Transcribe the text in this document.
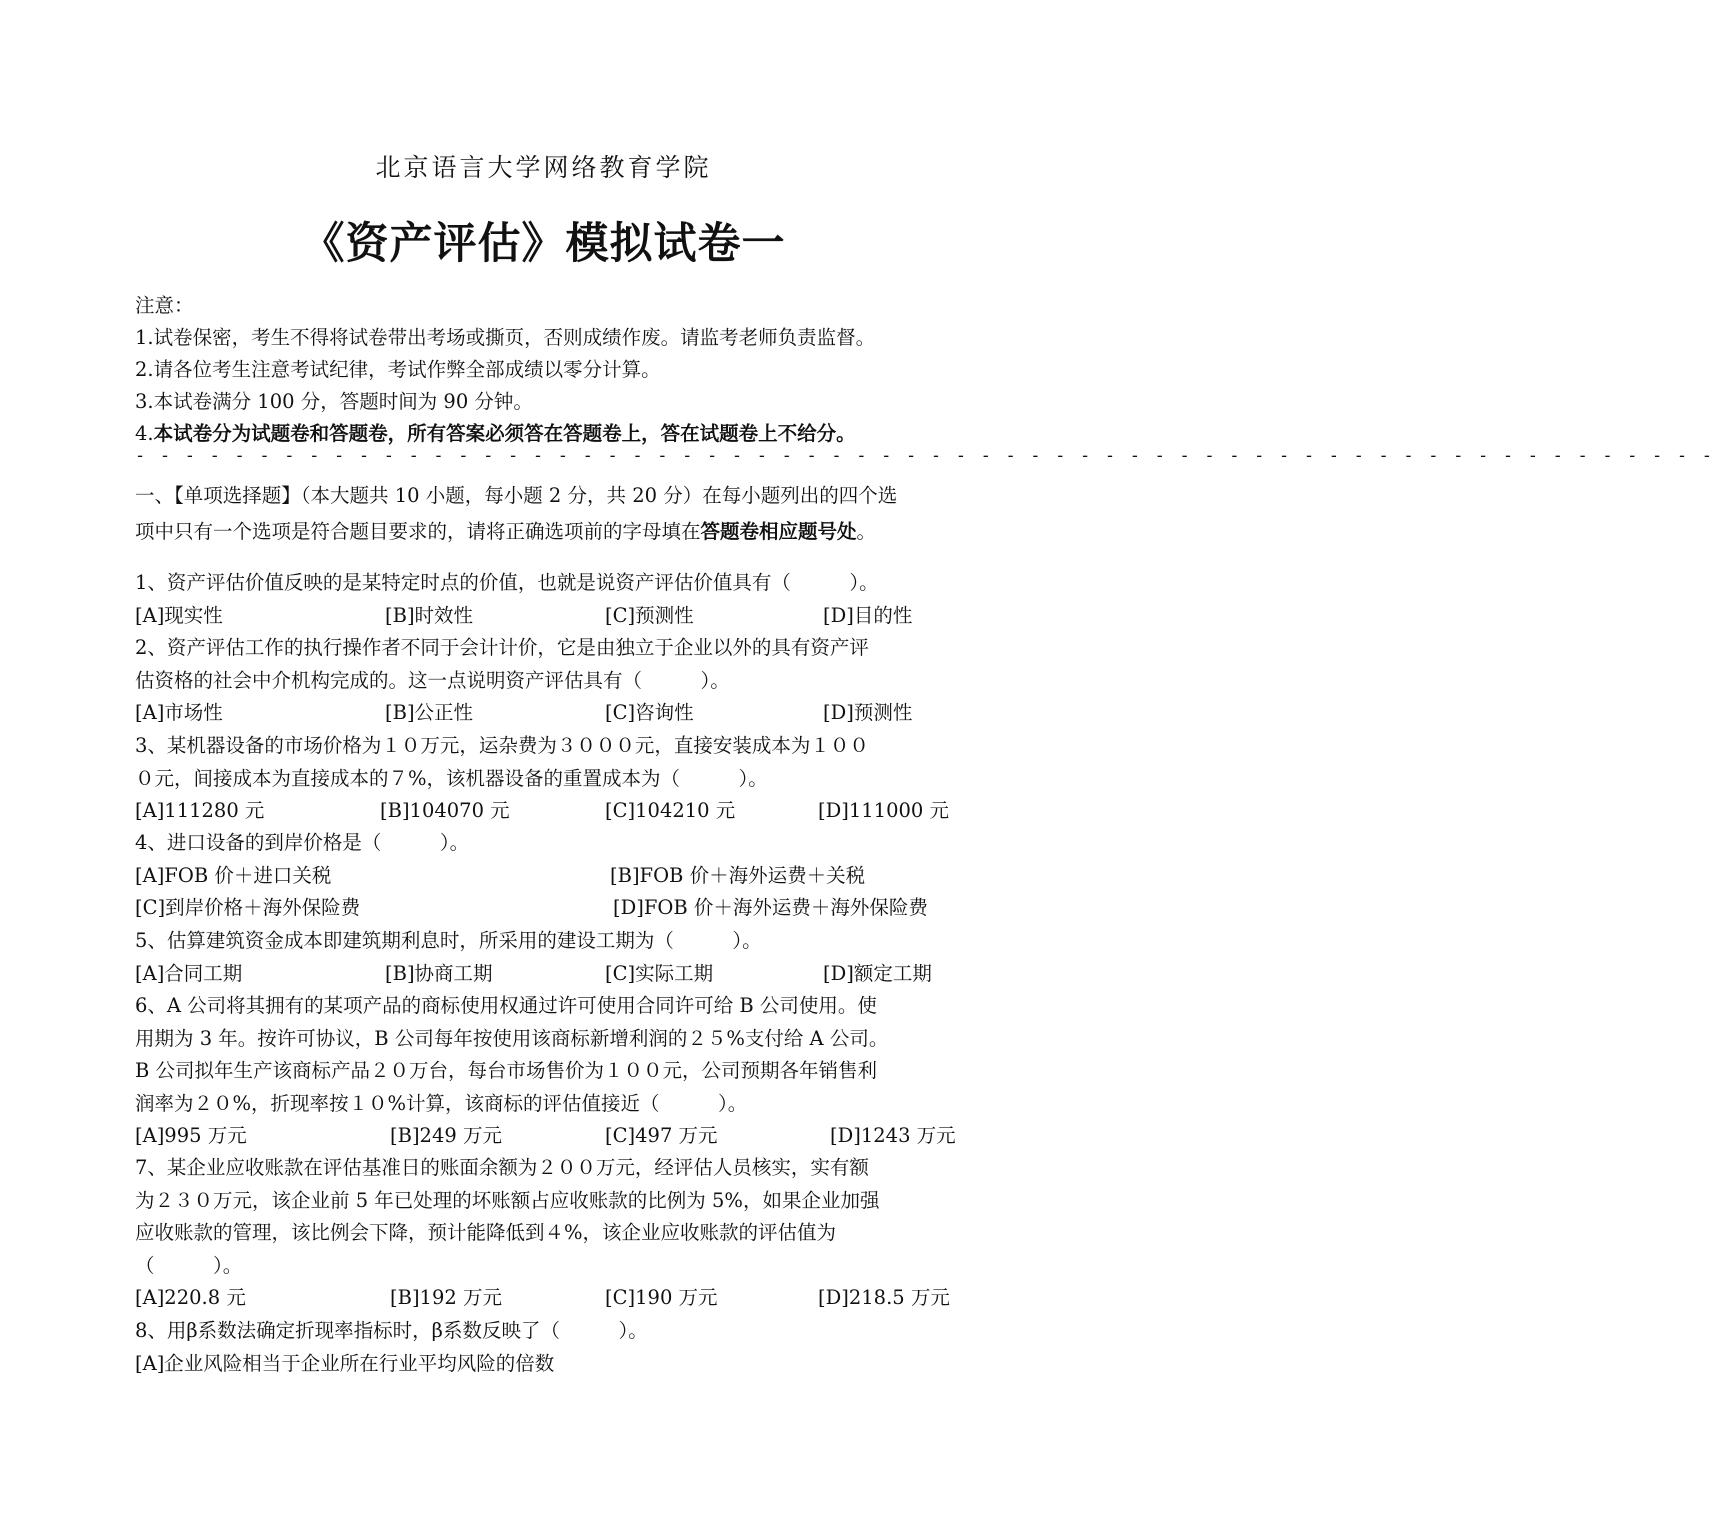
北京语言大学网络教育学院
《资产评估》模拟试卷一
注意：
1.试卷保密，考生不得将试卷带出考场或撕页，否则成绩作废。请监考老师负责监督。
2.请各位考生注意考试纪律，考试作弊全部成绩以零分计算。
3.本试卷满分 100 分，答题时间为 90 分钟。
4.本试卷分为试题卷和答题卷，所有答案必须答在答题卷上，答在试题卷上不给分。
- - - - - - - - - - - - - - - - - - - - - - - - - - - - - - - - - - - - - - - - - - - - - - - - - - - - - - - - - - - - - - - -
一、【单项选择题】（本大题共 10 小题，每小题 2 分，共 20 分）在每小题列出的四个选
项中只有一个选项是符合题目要求的，请将正确选项前的字母填在答题卷相应题号处。
1、资产评估价值反映的是某特定时点的价值，也就是说资产评估价值具有（　　　）。
[A]现实性	[B]时效性	[C]预测性	[D]目的性
2、资产评估工作的执行操作者不同于会计计价，它是由独立于企业以外的具有资产评
估资格的社会中介机构完成的。这一点说明资产评估具有（　　　）。
[A]市场性	[B]公正性	[C]咨询性	[D]预测性
3、某机器设备的市场价格为１０万元，运杂费为３０００元，直接安装成本为１００
０元，间接成本为直接成本的７%，该机器设备的重置成本为（　　　）。
[A]111280 元	[B]104070 元	[C]104210 元	[D]111000 元
4、进口设备的到岸价格是（　　　）。
[A]FOB 价＋进口关税	[B]FOB 价＋海外运费＋关税
[C]到岸价格＋海外保险费	[D]FOB 价＋海外运费＋海外保险费
5、估算建筑资金成本即建筑期利息时，所采用的建设工期为（　　　）。
[A]合同工期	[B]协商工期	[C]实际工期	[D]额定工期
6、A 公司将其拥有的某项产品的商标使用权通过许可使用合同许可给 B 公司使用。使
用期为 3 年。按许可协议，B 公司每年按使用该商标新增利润的２５%支付给 A 公司。
B 公司拟年生产该商标产品２０万台，每台市场售价为１００元，公司预期各年销售利
润率为２０%，折现率按１０%计算，该商标的评估值接近（　　　）。
[A]995 万元	[B]249 万元	[C]497 万元	[D]1243 万元
7、某企业应收账款在评估基准日的账面余额为２００万元，经评估人员核实，实有额
为２３０万元，该企业前 5 年已处理的坏账额占应收账款的比例为 5%，如果企业加强
应收账款的管理，该比例会下降，预计能降低到４%，该企业应收账款的评估值为
（　　　）。
[A]220.8 元	[B]192 万元	[C]190 万元	[D]218.5 万元
8、用β系数法确定折现率指标时，β系数反映了（　　　）。
[A]企业风险相当于企业所在行业平均风险的倍数
